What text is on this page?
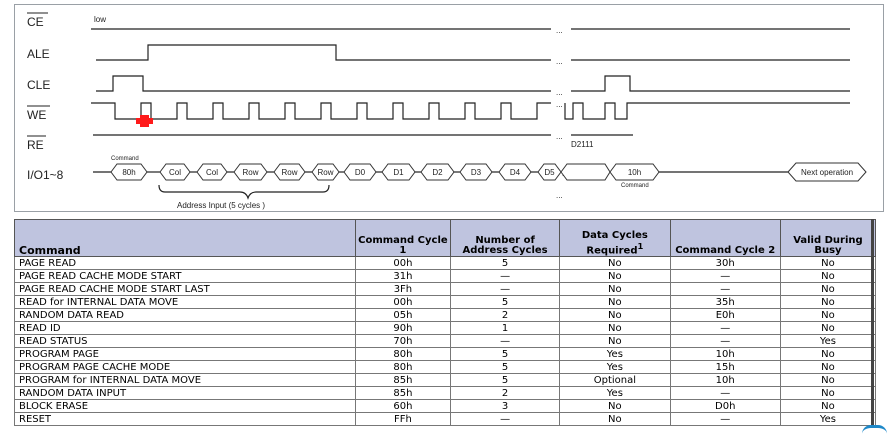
CE
ALE
CLE
WE
RE
I/O1~8
low
D2111
...
...
...
...
...
...
Command
80h	Col	Col	Row	Row Row	D0	D1	D2	D3	D4	D5	10h	Next operation
Command
Address Input (5 cycles )
Command	Command Cycle 1	Number of Address Cycles	Data Cycles Required$^1$	Command Cycle 2	Valid During Busy
PAGE READ	00h	5	No	30h	No
PAGE READ CACHE MODE START	31h	—	No	—	No
PAGE READ CACHE MODE START LAST	3Fh	—	No	—	No
READ for INTERNAL DATA MOVE	00h	5	No	35h	No
RANDOM DATA READ	05h	2	No	E0h	No
READ ID	90h	1	No	—	No
READ STATUS	70h	—	No	—	Yes
PROGRAM PAGE	80h	5	Yes	10h	No
PROGRAM PAGE CACHE MODE	80h	5	Yes	15h	No
PROGRAM for INTERNAL DATA MOVE	85h	5	Optional	10h	No
RANDOM DATA INPUT	85h	2	Yes	—	No
BLOCK ERASE	60h	3	No	D0h	No
RESET	FFh	—	No	—	Yes
